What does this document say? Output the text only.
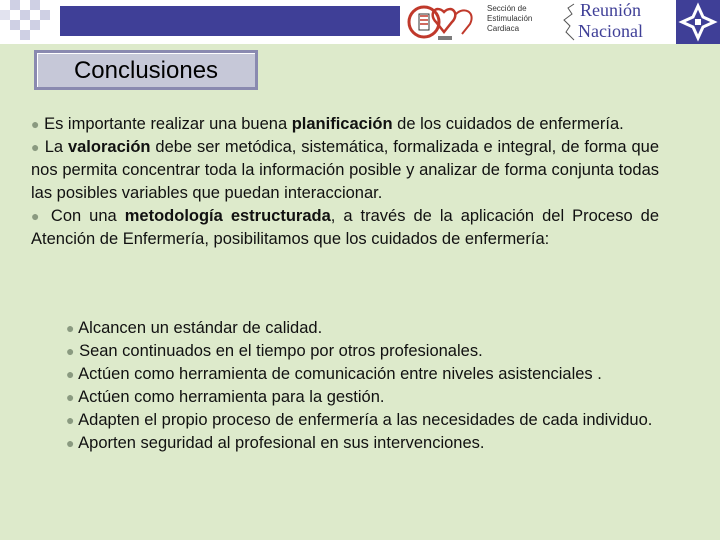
Sección de
Estimulación
Cardiaca
Reunión
Nacional
Conclusiones

● Es importante realizar una buena planificación de los cuidados de enfermería.

● La valoración debe ser metódica, sistemática, formalizada e integral, de forma que nos permita concentrar toda la información posible y analizar de forma conjunta todas las posibles variables que puedan interaccionar.

● Con una metodología estructurada, a través de la aplicación del Proceso de Atención de Enfermería, posibilitamos que los cuidados de enfermería:

● Alcancen un estándar de calidad.

● Sean continuados en el tiempo por otros profesionales.

● Actúen como herramienta de comunicación entre niveles asistenciales .

● Actúen como herramienta para la gestión.

● Adapten el propio proceso de enfermería a las necesidades de cada individuo.

● Aporten seguridad al profesional en sus intervenciones.
